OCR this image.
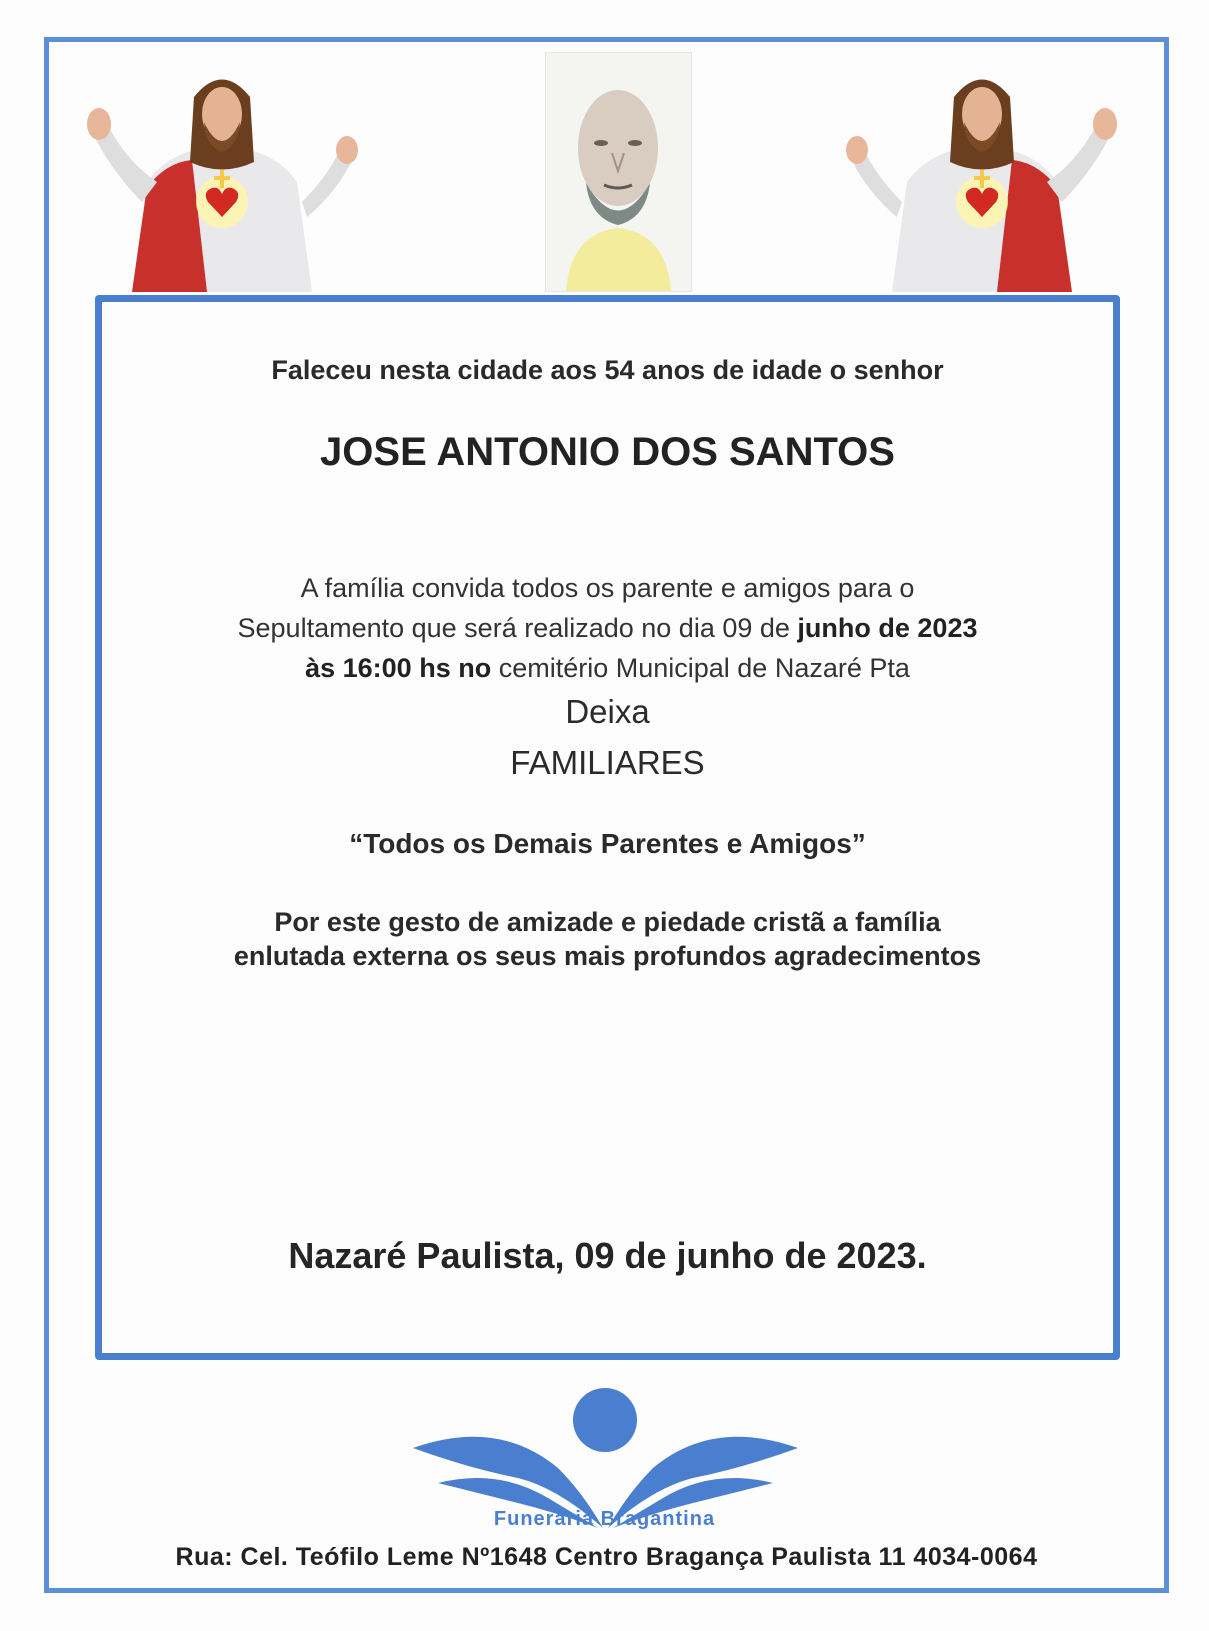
Faleceu nesta cidade aos 54 anos de idade o senhor
JOSE ANTONIO DOS SANTOS
A família convida todos os parente e amigos para o
Sepultamento que será realizado no dia 09 de junho de 2023
às 16:00 hs no cemitério Municipal de Nazaré Pta
Deixa
FAMILIARES
“Todos os Demais Parentes e Amigos”
Por este gesto de amizade e piedade cristã a família
enlutada externa os seus mais profundos agradecimentos
Nazaré Paulista, 09 de junho de 2023.
Funerária Bragantina
Rua: Cel. Teófilo Leme Nº1648 Centro Bragança Paulista 11 4034-0064
